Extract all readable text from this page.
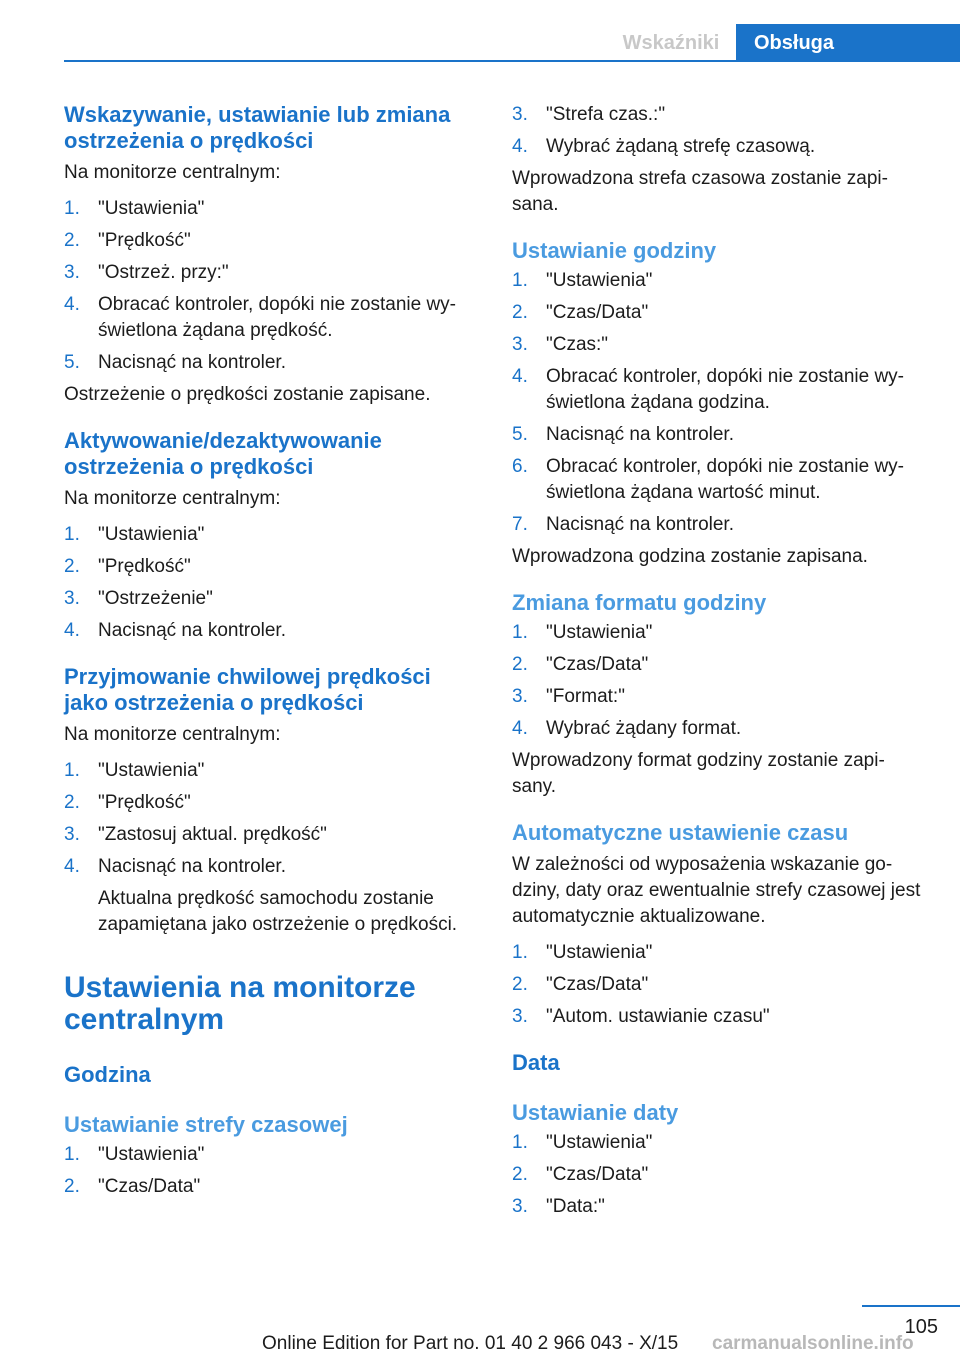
Wskaźniki	Obsługa
Wskazywanie, ustawianie lub zmiana ostrzeżenia o prędkości

Na monitorze centralnym:

1. "Ustawienia"
2. "Prędkość"
3. "Ostrzeż. przy:"
4. Obracać kontroler, dopóki nie zostanie wy-świetlona żądana prędkość.
5. Nacisnąć na kontroler.

Ostrzeżenie o prędkości zostanie zapisane.

Aktywowanie/dezaktywowanie ostrzeżenia o prędkości

Na monitorze centralnym:

1. "Ustawienia"
2. "Prędkość"
3. "Ostrzeżenie"
4. Nacisnąć na kontroler.
Przyjmowanie chwilowej prędkości jako ostrzeżenia o prędkości

Na monitorze centralnym:

1. "Ustawienia"
2. "Prędkość"
3. "Zastosuj aktual. prędkość"
4. Nacisnąć na kontroler.

Aktualna prędkość samochodu zostanie zapamiętana jako ostrzeżenie o prędkości.

Ustawienia na monitorze centralnym
Godzina
Ustawianie strefy czasowej
1. "Ustawienia"
2. "Czas/Data"
3. "Strefa czas.:"
4. Wybrać żądaną strefę czasową.

Wprowadzona strefa czasowa zostanie zapi-sana.

Ustawianie godziny
1. "Ustawienia"
2. "Czas/Data"
3. "Czas:"
4. Obracać kontroler, dopóki nie zostanie wy-świetlona żądana godzina.
5. Nacisnąć na kontroler.
6. Obracać kontroler, dopóki nie zostanie wy-świetlona żądana wartość minut.
7. Nacisnąć na kontroler.

Wprowadzona godzina zostanie zapisana.

Zmiana formatu godziny
1. "Ustawienia"
2. "Czas/Data"
3. "Format:"
4. Wybrać żądany format.

Wprowadzony format godziny zostanie zapi-sany.

Automatyczne ustawienie czasu

W zależności od wyposażenia wskazanie go-dziny, daty oraz ewentualnie strefy czasowej jest automatycznie aktualizowane.

1. "Ustawienia"
2. "Czas/Data"
3. "Autom. ustawianie czasu"
Data
Ustawianie daty
1. "Ustawienia"
2. "Czas/Data"
3. "Data:"
105
Online Edition for Part no. 01 40 2 966 043 - X/15 carmanualsonline.info
